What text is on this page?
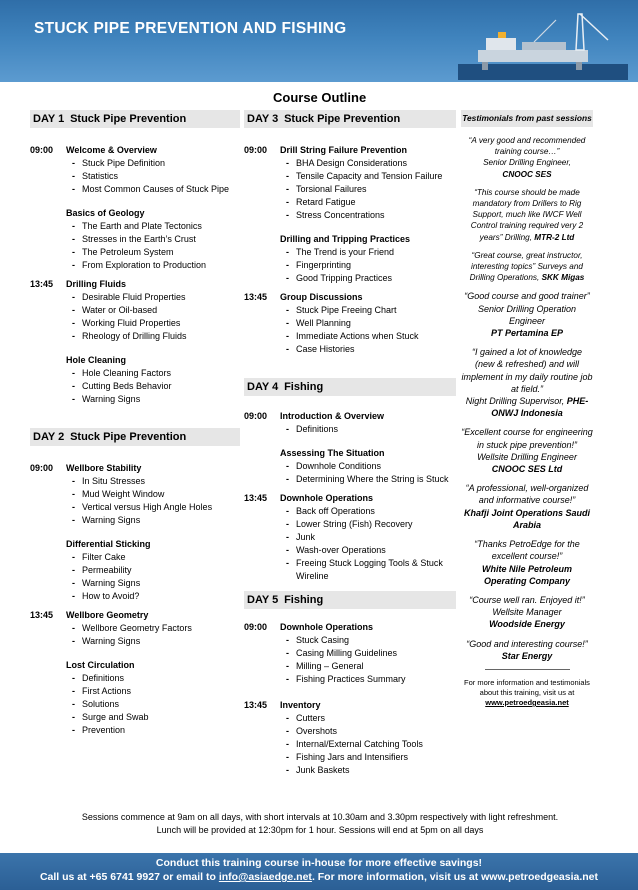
STUCK PIPE PREVENTION AND FISHING
Course Outline
DAY 1 Stuck Pipe Prevention
09:00	Welcome & Overview
- Stuck Pipe Definition
- Statistics
- Most Common Causes of Stuck Pipe
Basics of Geology
- The Earth and Plate Tectonics
- Stresses in the Earth’s Crust
- The Petroleum System
- From Exploration to Production
13:45	Drilling Fluids
- Desirable Fluid Properties
- Water or Oil-based
- Working Fluid Properties
- Rheology of Drilling Fluids
Hole Cleaning
- Hole Cleaning Factors
- Cutting Beds Behavior
- Warning Signs
DAY 2 Stuck Pipe Prevention
09:00	Wellbore Stability
- In Situ Stresses
- Mud Weight Window
- Vertical versus High Angle Holes
- Warning Signs
Differential Sticking
- Filter Cake
- Permeability
- Warning Signs
- How to Avoid?
13:45	Wellbore Geometry
- Wellbore Geometry Factors
- Warning Signs
Lost Circulation
- Definitions
- First Actions
- Solutions
- Surge and Swab
- Prevention
DAY 3 Stuck Pipe Prevention
09:00	Drill String Failure Prevention
- BHA Design Considerations
- Tensile Capacity and Tension Failure
- Torsional Failures
- Retard Fatigue
- Stress Concentrations
Drilling and Tripping Practices
- The Trend is your Friend
- Fingerprinting
- Good Tripping Practices
13:45	Group Discussions
- Stuck Pipe Freeing Chart
- Well Planning
- Immediate Actions when Stuck
- Case Histories
DAY 4 Fishing
09:00	Introduction & Overview
- Definitions
Assessing The Situation
- Downhole Conditions
- Determining Where the String is Stuck
13:45	Downhole Operations
- Back off Operations
- Lower String (Fish) Recovery
- Junk
- Wash-over Operations
- Freeing Stuck Logging Tools & Stuck Wireline
DAY 5 Fishing
09:00	Downhole Operations
- Stuck Casing
- Casing Milling Guidelines
- Milling – General
- Fishing Practices Summary
13:45	Inventory
- Cutters
- Overshots
- Internal/External Catching Tools
- Fishing Jars and Intensifiers
- Junk Baskets
Testimonials from past sessions
“A very good and recommended training course…”
Senior Drilling Engineer,
CNOOC SES
“This course should be made mandatory from Drillers to Rig Support, much like IWCF Well Control training required very 2 years” Drilling, MTR-2 Ltd
“Great course, great instructor, interesting topics” Surveys and Drilling Operations, SKK Migas
“Good course and good trainer” Senior Drilling Operation Engineer
PT Pertamina EP
“I gained a lot of knowledge (new & refreshed) and will implement in my daily routine job at field.”
Night Drilling Supervisor, PHE-ONWJ Indonesia
“Excellent course for engineering in stuck pipe prevention!”
Wellsite Drilling Engineer
CNOOC SES Ltd
“A professional, well-organized and informative course!”
Khafji Joint Operations Saudi Arabia
“Thanks PetroEdge for the excellent course!”
White Nile Petroleum Operating Company
“Course well ran. Enjoyed it!”
Wellsite Manager
Woodside Energy
“Good and interesting course!”
Star Energy
For more information and testimonials about this training, visit us at
www.petroedgeasia.net
Sessions commence at 9am on all days, with short intervals at 10.30am and 3.30pm respectively with light refreshment.
Lunch will be provided at 12:30pm for 1 hour. Sessions will end at 5pm on all days
Conduct this training course in-house for more effective savings!
Call us at +65 6741 9927 or email to info@asiaedge.net. For more information, visit us at www.petroedgeasia.net
